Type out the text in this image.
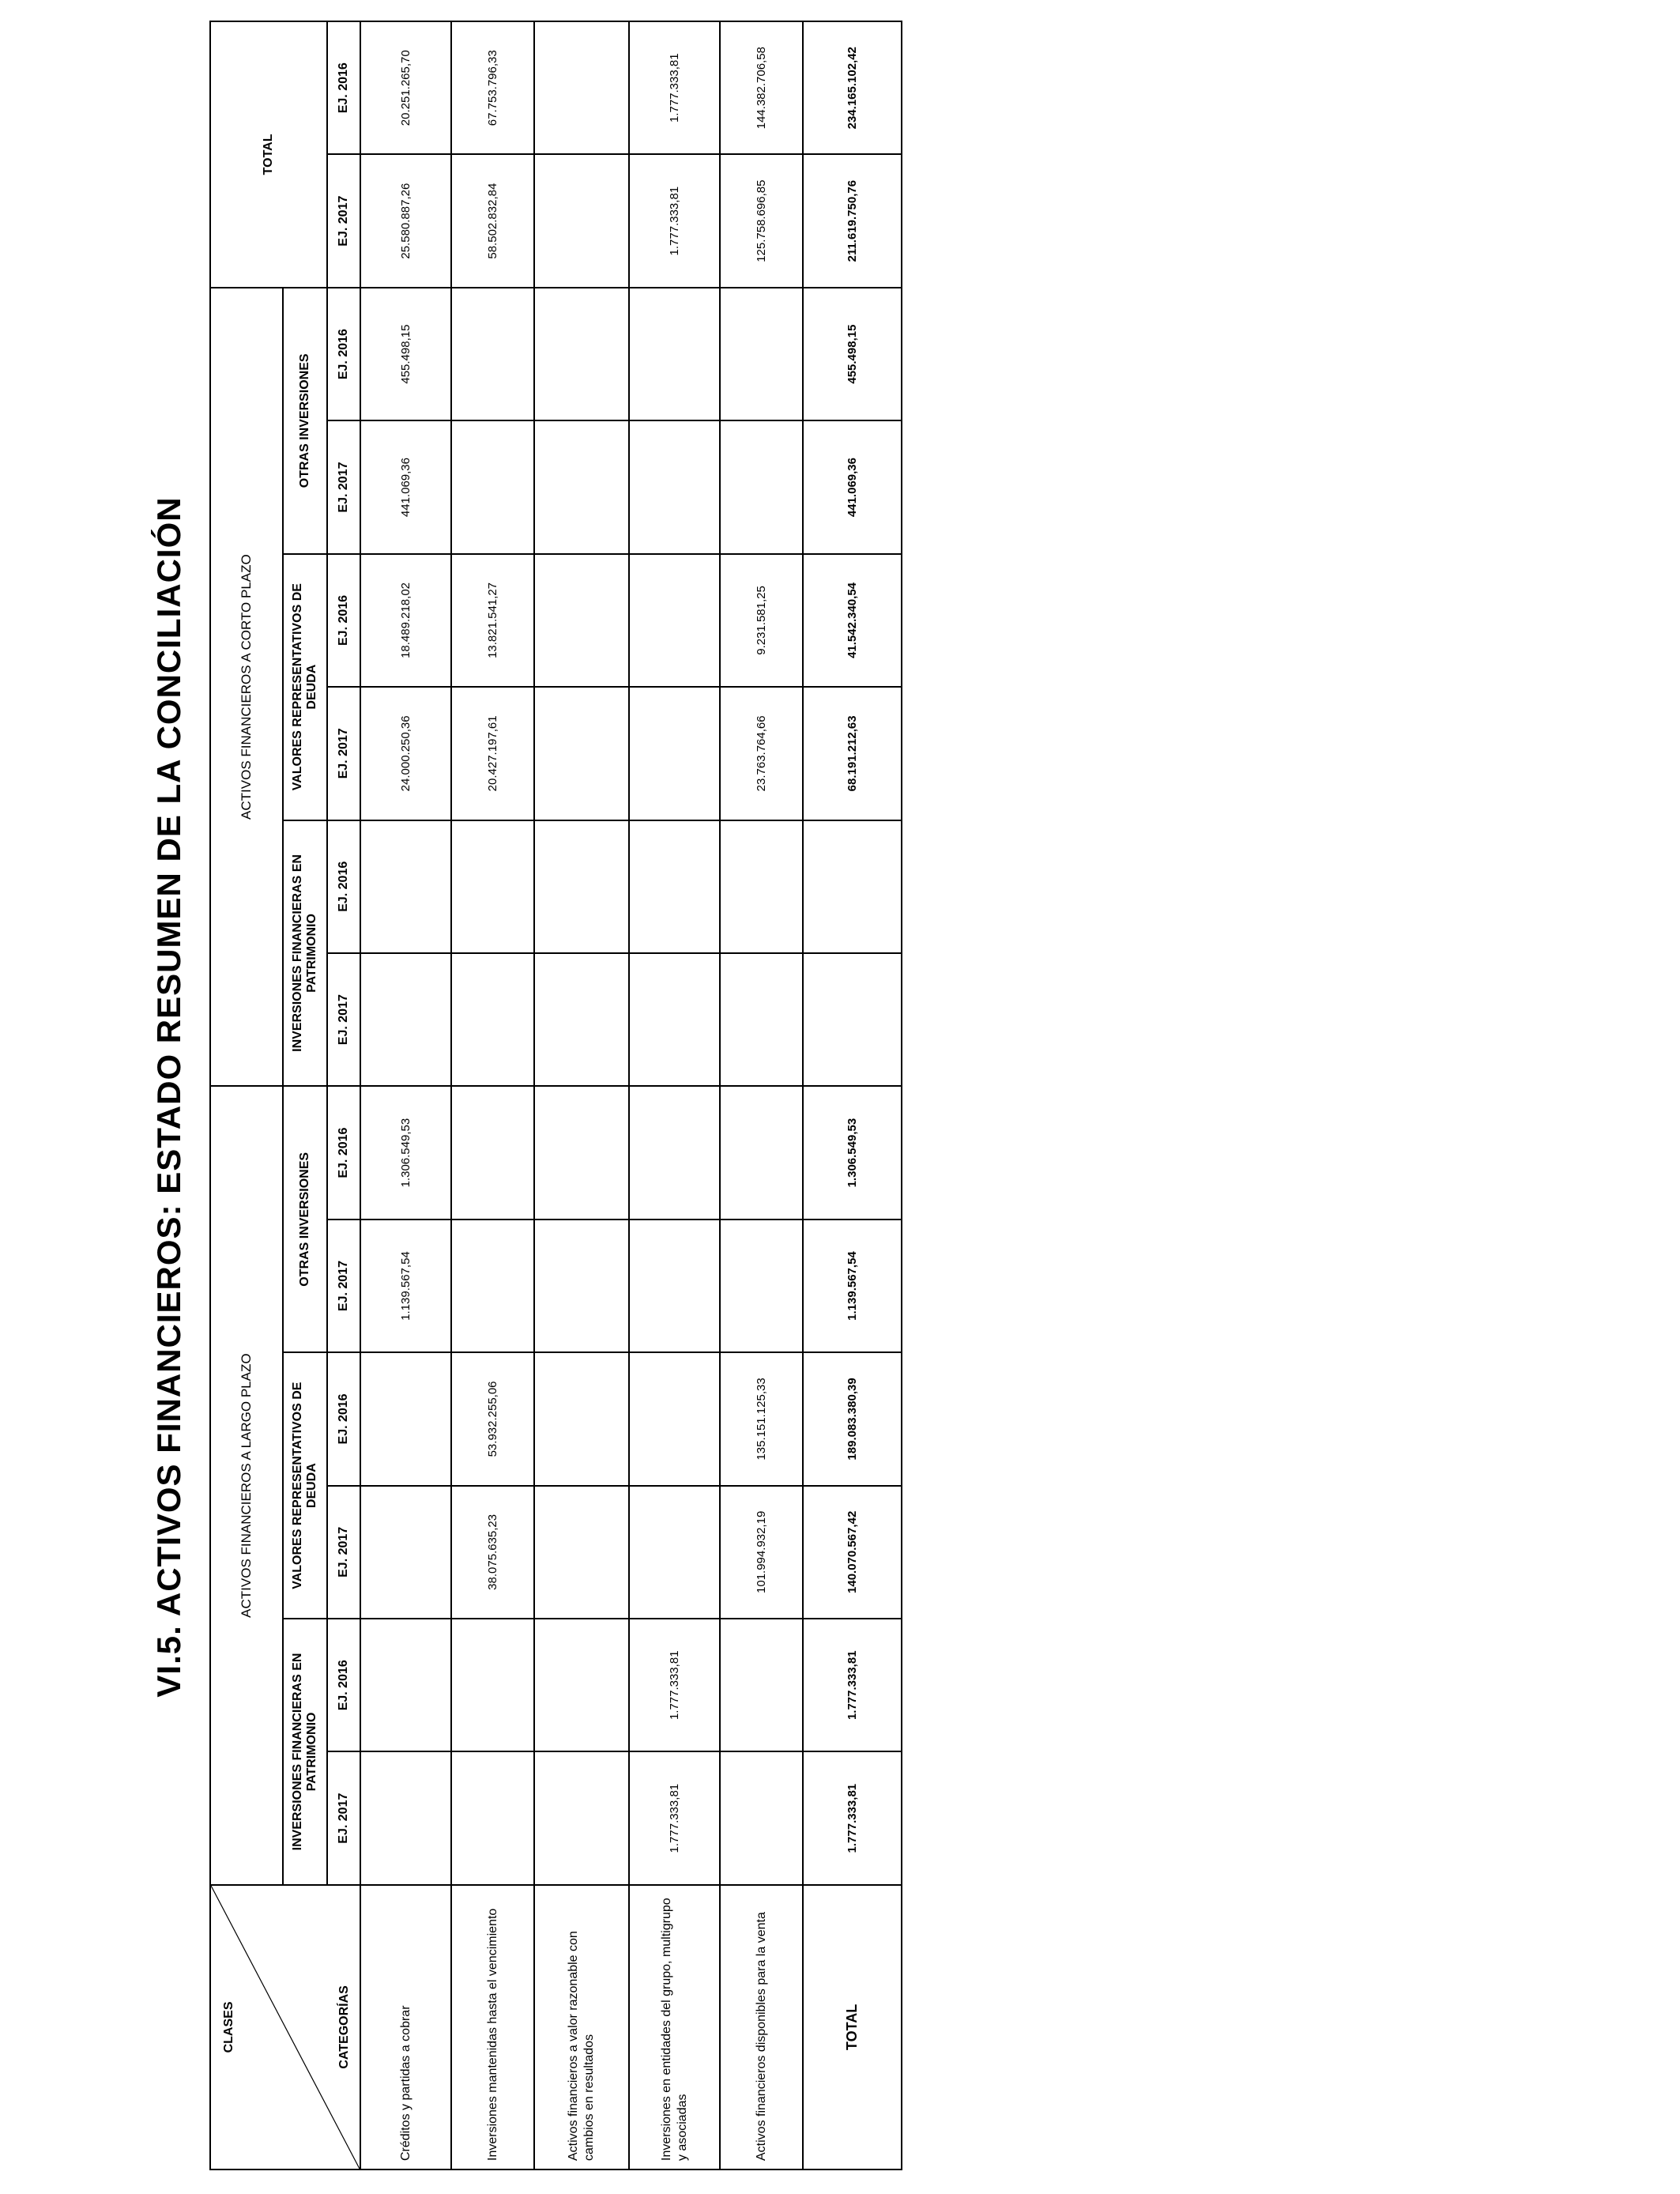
VI.5. ACTIVOS FINANCIEROS: ESTADO RESUMEN DE LA CONCILIACIÓN
CLASES CATEGORÍAS	ACTIVOS FINANCIEROS A LARGO PLAZO						ACTIVOS FINANCIEROS A CORTO PLAZO						TOTAL	
	INVERSIONES FINANCIERAS EN PATRIMONIO		VALORES REPRESENTATIVOS DE DEUDA		OTRAS INVERSIONES		INVERSIONES FINANCIERAS EN PATRIMONIO		VALORES REPRESENTATIVOS DE DEUDA		OTRAS INVERSIONES			
	EJ. 2017	EJ. 2016	EJ. 2017	EJ. 2016	EJ. 2017	EJ. 2016	EJ. 2017	EJ. 2016	EJ. 2017	EJ. 2016	EJ. 2017	EJ. 2016	EJ. 2017	EJ. 2016
Créditos y partidas a cobrar					1.139.567,54	1.306.549,53			24.000.250,36	18.489.218,02	441.069,36	455.498,15	25.580.887,26	20.251.265,70
Inversiones mantenidas hasta el vencimiento			38.075.635,23	53.932.255,06					20.427.197,61	13.821.541,27			58.502.832,84	67.753.796,33
Activos financieros a valor razonable con cambios en resultados														
Inversiones en entidades del grupo, multigrupo y asociadas	1.777.333,81	1.777.333,81											1.777.333,81	1.777.333,81
Activos financieros disponibles para la venta			101.994.932,19	135.151.125,33					23.763.764,66	9.231.581,25			125.758.696,85	144.382.706,58
TOTAL	1.777.333,81	1.777.333,81	140.070.567,42	189.083.380,39	1.139.567,54	1.306.549,53			68.191.212,63	41.542.340,54	441.069,36	455.498,15	211.619.750,76	234.165.102,42
